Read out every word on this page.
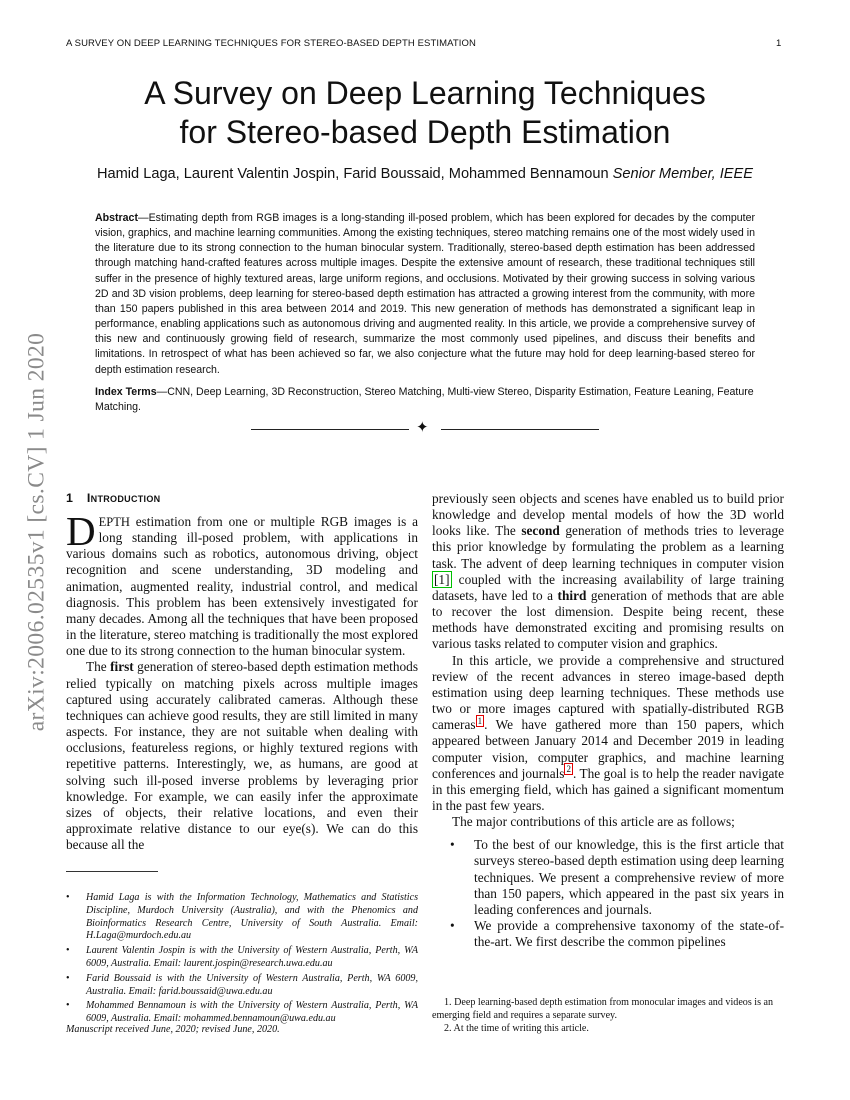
A SURVEY ON DEEP LEARNING TECHNIQUES FOR STEREO-BASED DEPTH ESTIMATION	1
arXiv:2006.02535v1 [cs.CV] 1 Jun 2020
A Survey on Deep Learning Techniques
for Stereo-based Depth Estimation
Hamid Laga, Laurent Valentin Jospin, Farid Boussaid, Mohammed Bennamoun Senior Member, IEEE
Abstract—Estimating depth from RGB images is a long-standing ill-posed problem, which has been explored for decades by the computer vision, graphics, and machine learning communities. Among the existing techniques, stereo matching remains one of the most widely used in the literature due to its strong connection to the human binocular system. Traditionally, stereo-based depth estimation has been addressed through matching hand-crafted features across multiple images. Despite the extensive amount of research, these traditional techniques still suffer in the presence of highly textured areas, large uniform regions, and occlusions. Motivated by their growing success in solving various 2D and 3D vision problems, deep learning for stereo-based depth estimation has attracted a growing interest from the community, with more than 150 papers published in this area between 2014 and 2019. This new generation of methods has demonstrated a significant leap in performance, enabling applications such as autonomous driving and augmented reality. In this article, we provide a comprehensive survey of this new and continuously growing field of research, summarize the most commonly used pipelines, and discuss their benefits and limitations. In retrospect of what has been achieved so far, we also conjecture what the future may hold for deep learning-based stereo for depth estimation research.
Index Terms—CNN, Deep Learning, 3D Reconstruction, Stereo Matching, Multi-view Stereo, Disparity Estimation, Feature Leaning, Feature Matching.
✦
1 Introduction

DEPTH estimation from one or multiple RGB images is a long standing ill-posed problem, with applications in various domains such as robotics, autonomous driving, object recognition and scene understanding, 3D modeling and animation, augmented reality, industrial control, and medical diagnosis. This problem has been extensively investigated for many decades. Among all the techniques that have been proposed in the literature, stereo matching is traditionally the most explored one due to its strong connection to the human binocular system.

The first generation of stereo-based depth estimation methods relied typically on matching pixels across multiple images captured using accurately calibrated cameras. Although these techniques can achieve good results, they are still limited in many aspects. For instance, they are not suitable when dealing with occlusions, featureless regions, or highly textured regions with repetitive patterns. Interestingly, we, as humans, are good at solving such ill-posed inverse problems by leveraging prior knowledge. For example, we can easily infer the approximate sizes of objects, their relative locations, and even their approximate relative distance to our eye(s). We can do this because all the

• Hamid Laga is with the Information Technology, Mathematics and Statistics Discipline, Murdoch University (Australia), and with the Phenomics and Bioinformatics Research Centre, University of South Australia. Email: H.Laga@murdoch.edu.au
• Laurent Valentin Jospin is with the University of Western Australia, Perth, WA 6009, Australia. Email: laurent.jospin@research.uwa.edu.au
• Farid Boussaid is with the University of Western Australia, Perth, WA 6009, Australia. Email: farid.boussaid@uwa.edu.au
• Mohammed Bennamoun is with the University of Western Australia, Perth, WA 6009, Australia. Email: mohammed.bennamoun@uwa.edu.au
Manuscript received June, 2020; revised June, 2020.

previously seen objects and scenes have enabled us to build prior knowledge and develop mental models of how the 3D world looks like. The second generation of methods tries to leverage this prior knowledge by formulating the problem as a learning task. The advent of deep learning techniques in computer vision [1] coupled with the increasing availability of large training datasets, have led to a third generation of methods that are able to recover the lost dimension. Despite being recent, these methods have demonstrated exciting and promising results on various tasks related to computer vision and graphics.

In this article, we provide a comprehensive and structured review of the recent advances in stereo image-based depth estimation using deep learning techniques. These methods use two or more images captured with spatially-distributed RGB cameras $^1$ . We have gathered more than 150 papers, which appeared between January 2014 and December 2019 in leading computer vision, computer graphics, and machine learning conferences and journals $^2$ . The goal is to help the reader navigate in this emerging field, which has gained a significant momentum in the past few years.

The major contributions of this article are as follows;

• To the best of our knowledge, this is the first article that surveys stereo-based depth estimation using deep learning techniques. We present a comprehensive review of more than 150 papers, which appeared in the past six years in leading conferences and journals.
• We provide a comprehensive taxonomy of the state-of-the-art. We first describe the common pipelines

1. Deep learning-based depth estimation from monocular images and videos is an emerging field and requires a separate survey.

2. At the time of writing this article.
